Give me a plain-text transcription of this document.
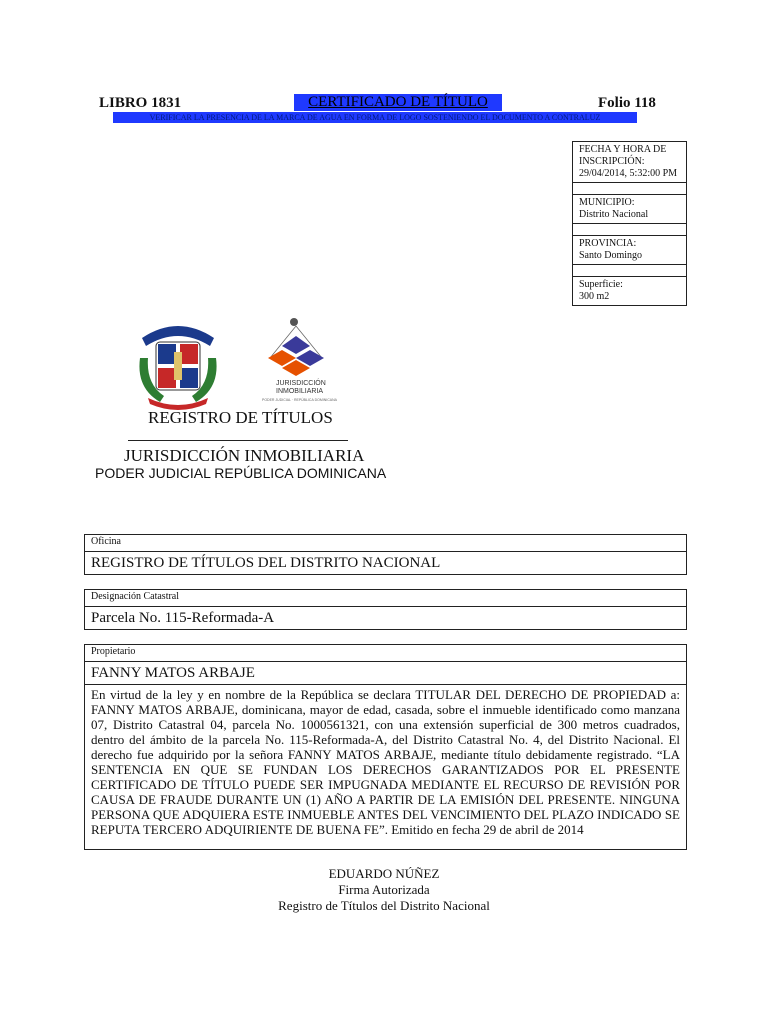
LIBRO 1831	CERTIFICADO DE TÍTULO	Folio 118
VERIFICAR LA PRESENCIA DE LA MARCA DE AGUA EN FORMA DE LOGO SOSTENIENDO EL DOCUMENTO A CONTRALUZ
FECHA Y HORA DE INSCRIPCIÓN:
29/04/2014, 5:32:00 PM
MUNICIPIO:
Distrito Nacional
PROVINCIA:
Santo Domingo
Superficie:
300 m2
JURISDICCIÓN
INMOBILIARIA
PODER JUDICIAL · REPÚBLICA DOMINICANA
REGISTRO DE TÍTULOS
JURISDICCIÓN INMOBILIARIA
PODER JUDICIAL REPÚBLICA DOMINICANA
Oficina
REGISTRO DE TÍTULOS DEL DISTRITO NACIONAL
Designación Catastral
Parcela No. 115-Reformada-A
Propietario
FANNY MATOS ARBAJE
En virtud de la ley y en nombre de la República se declara TITULAR DEL DERECHO DE PROPIEDAD a: FANNY MATOS ARBAJE, dominicana, mayor de edad, casada, sobre el inmueble identificado como manzana 07, Distrito Catastral 04, parcela No. 1000561321, con una extensión superficial de 300 metros cuadrados, dentro del ámbito de la parcela No. 115-Reformada-A, del Distrito Catastral No. 4, del Distrito Nacional. El derecho fue adquirido por la señora FANNY MATOS ARBAJE, mediante título debidamente registrado. “LA SENTENCIA EN QUE SE FUNDAN LOS DERECHOS GARANTIZADOS POR EL PRESENTE CERTIFICADO DE TÍTULO PUEDE SER IMPUGNADA MEDIANTE EL RECURSO DE REVISIÓN POR CAUSA DE FRAUDE DURANTE UN (1) AÑO A PARTIR DE LA EMISIÓN DEL PRESENTE. NINGUNA PERSONA QUE ADQUIERA ESTE INMUEBLE ANTES DEL VENCIMIENTO DEL PLAZO INDICADO SE REPUTA TERCERO ADQUIRIENTE DE BUENA FE”. Emitido en fecha 29 de abril de 2014
EDUARDO NÚÑEZ
Firma Autorizada
Registro de Títulos del Distrito Nacional
